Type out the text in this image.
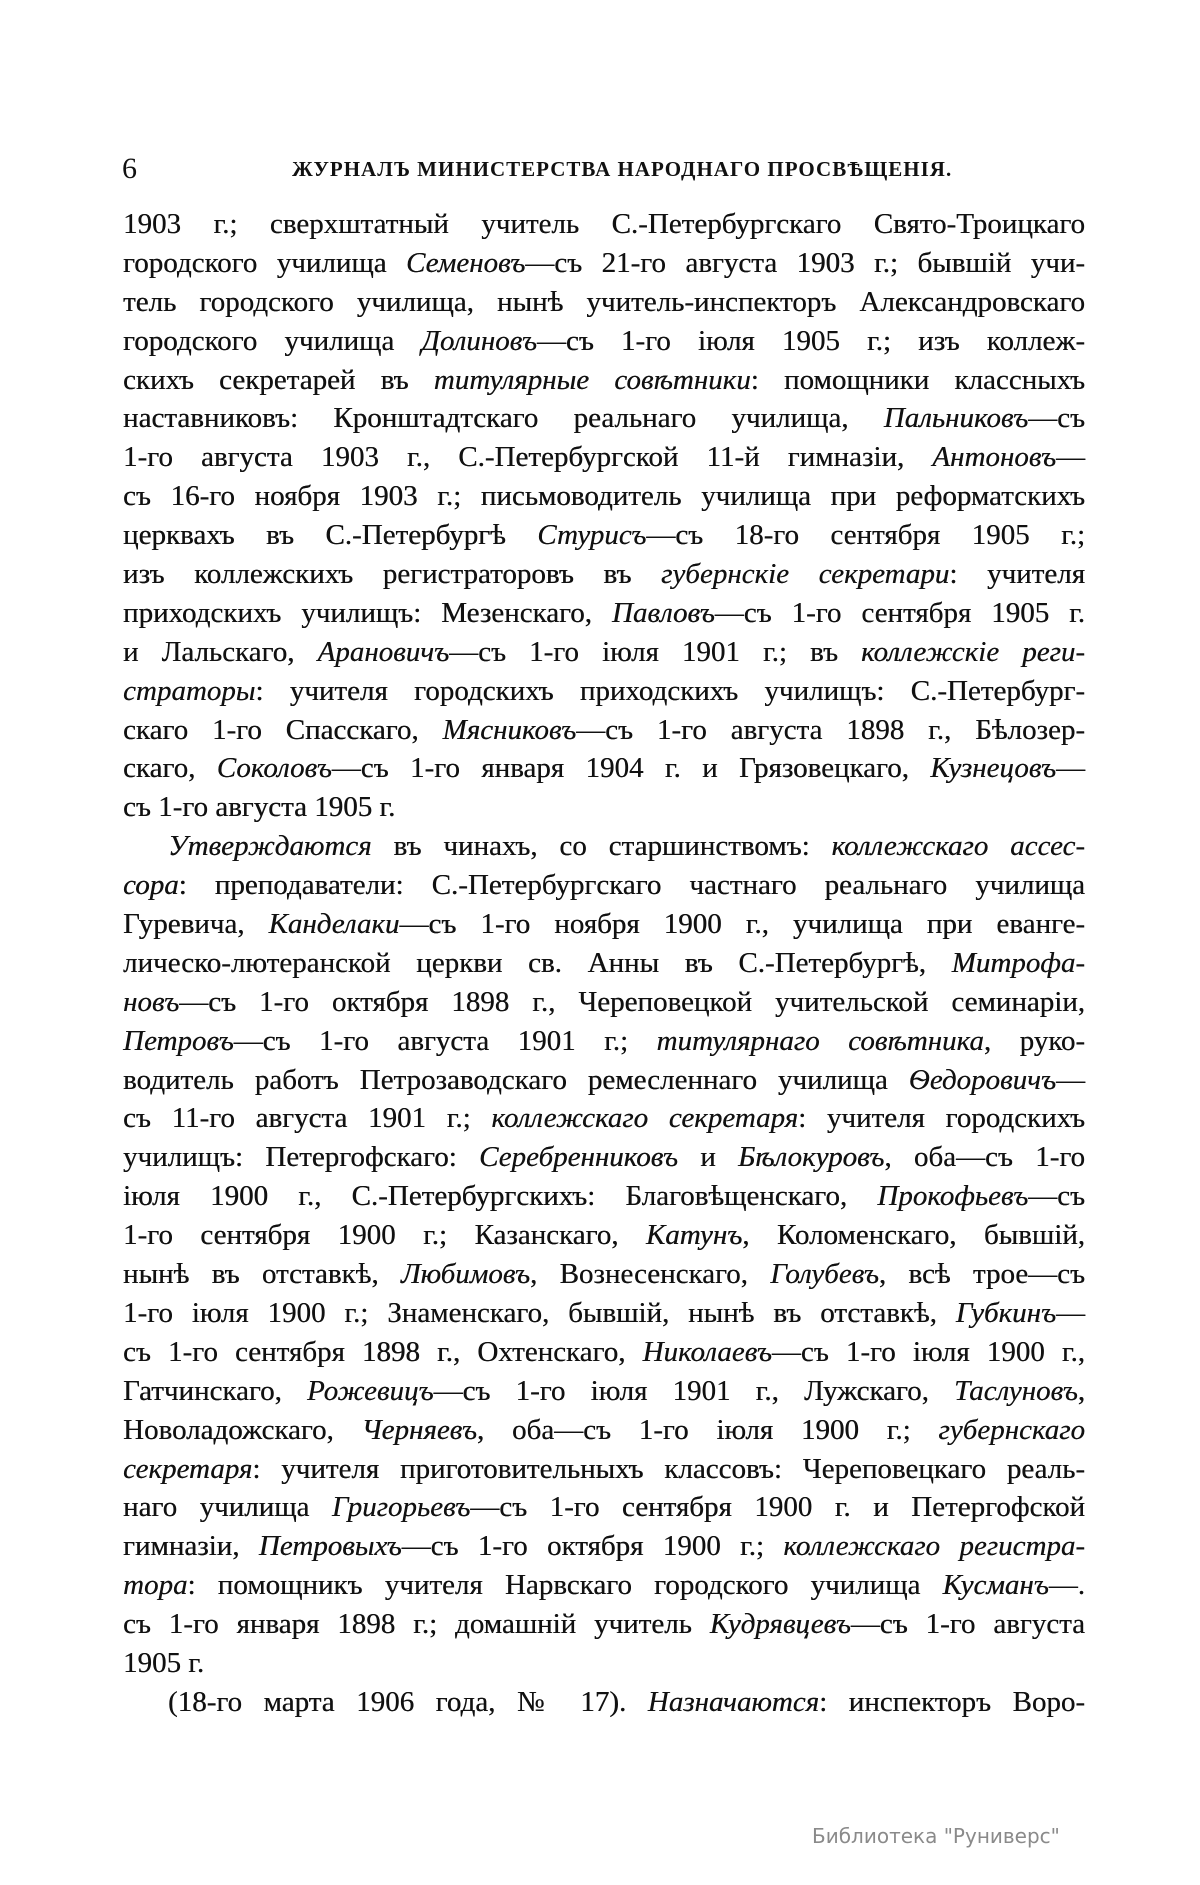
6	ЖУРНАЛЪ МИНИСТЕРСТВА НАРОДНАГО ПРОСВѢЩЕНІЯ.
1903 г.; сверхштатный учитель С.-Петербургскаго Свято-Троицкаго
городского училища Семеновъ—съ 21-го августа 1903 г.; бывшій учи-
тель городского училища, нынѣ учитель-инспекторъ Александровскаго
городского училища Долиновъ—съ 1-го іюля 1905 г.; изъ коллеж-
скихъ секретарей въ титулярные совѣтники: помощники классныхъ
наставниковъ: Кронштадтскаго реальнаго училища, Пальниковъ—съ
1-го августа 1903 г., С.-Петербургской 11-й гимназіи, Антоновъ—
съ 16-го ноября 1903 г.; письмоводитель училища при реформатскихъ
церквахъ въ С.-Петербургѣ Стурисъ—съ 18-го сентября 1905 г.;
изъ коллежскихъ регистраторовъ въ губернскіе секретари: учителя
приходскихъ училищъ: Мезенскаго, Павловъ—съ 1-го сентября 1905 г.
и Лальскаго, Арановичъ—съ 1-го іюля 1901 г.; въ коллежскіе реги-
страторы: учителя городскихъ приходскихъ училищъ: С.-Петербург-
скаго 1-го Спасскаго, Мясниковъ—съ 1-го августа 1898 г., Бѣлозер-
скаго, Соколовъ—съ 1-го января 1904 г. и Грязовецкаго, Кузнецовъ—
съ 1-го августа 1905 г.
Утверждаются въ чинахъ, со старшинствомъ: коллежскаго ассес-
сора: преподаватели: С.-Петербургскаго частнаго реальнаго училища
Гуревича, Канделаки—съ 1-го ноября 1900 г., училища при еванге-
лическо-лютеранской церкви св. Анны въ С.-Петербургѣ, Митрофа-
новъ—съ 1-го октября 1898 г., Череповецкой учительской семинаріи,
Петровъ—съ 1-го августа 1901 г.; титулярнаго совѣтника, руко-
водитель работъ Петрозаводскаго ремесленнаго училища Ѳедоровичъ—
съ 11-го августа 1901 г.; коллежскаго секретаря: учителя городскихъ
училищъ: Петергофскаго: Серебренниковъ и Бѣлокуровъ, оба—съ 1-го
іюля 1900 г., С.-Петербургскихъ: Благовѣщенскаго, Прокофьевъ—съ
1-го сентября 1900 г.; Казанскаго, Катунъ, Коломенскаго, бывшій,
нынѣ въ отставкѣ, Любимовъ, Вознесенскаго, Голубевъ, всѣ трое—съ
1-го іюля 1900 г.; Знаменскаго, бывшій, нынѣ въ отставкѣ, Губкинъ—
съ 1-го сентября 1898 г., Охтенскаго, Николаевъ—съ 1-го іюля 1900 г.,
Гатчинскаго, Рожевицъ—съ 1-го іюля 1901 г., Лужскаго, Таслуновъ,
Новоладожскаго, Черняевъ, оба—съ 1-го іюля 1900 г.; губернскаго
секретаря: учителя приготовительныхъ классовъ: Череповецкаго реаль-
наго училища Григорьевъ—съ 1-го сентября 1900 г. и Петергофской
гимназіи, Петровыхъ—съ 1-го октября 1900 г.; коллежскаго регистра-
тора: помощникъ учителя Нарвскаго городского училища Кусманъ—.
съ 1-го января 1898 г.; домашній учитель Кудрявцевъ—съ 1-го августа
1905 г.
(18-го марта 1906 года, № 17). Назначаются: инспекторъ Воро-
Библиотека "Руниверс"
